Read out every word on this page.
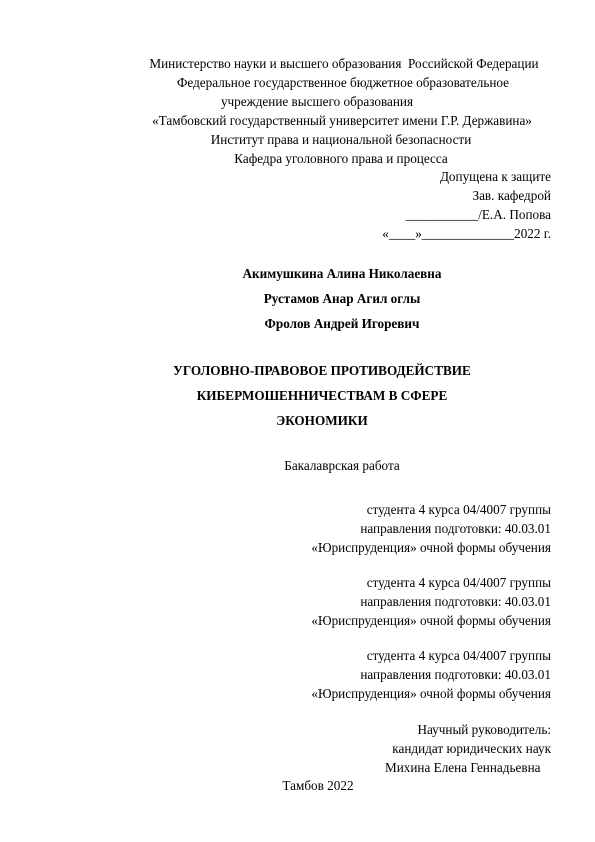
Министерство науки и высшего образования  Российской Федерации
Федеральное государственное бюджетное образовательное
учреждение высшего образования
«Тамбовский государственный университет имени Г.Р. Державина»
Институт права и национальной безопасности
Кафедра уголовного права и процесса
Допущена к защите
Зав. кафедрой
___________/Е.А. Попова
«____»______________2022 г.
Акимушкина Алина Николаевна
Рустамов Анар Агил оглы
Фролов Андрей Игоревич
УГОЛОВНО-ПРАВОВОЕ ПРОТИВОДЕЙСТВИЕ
КИБЕРМОШЕННИЧЕСТВАМ В СФЕРЕ
ЭКОНОМИКИ
Бакалаврская работа
студента 4 курса 04/4007 группы
направления подготовки: 40.03.01
«Юриспруденция» очной формы обучения
студента 4 курса 04/4007 группы
направления подготовки: 40.03.01
«Юриспруденция» очной формы обучения
студента 4 курса 04/4007 группы
направления подготовки: 40.03.01
«Юриспруденция» очной формы обучения
Научный руководитель:
кандидат юридических наук
Михина Елена Геннадьевна
Тамбов 2022
